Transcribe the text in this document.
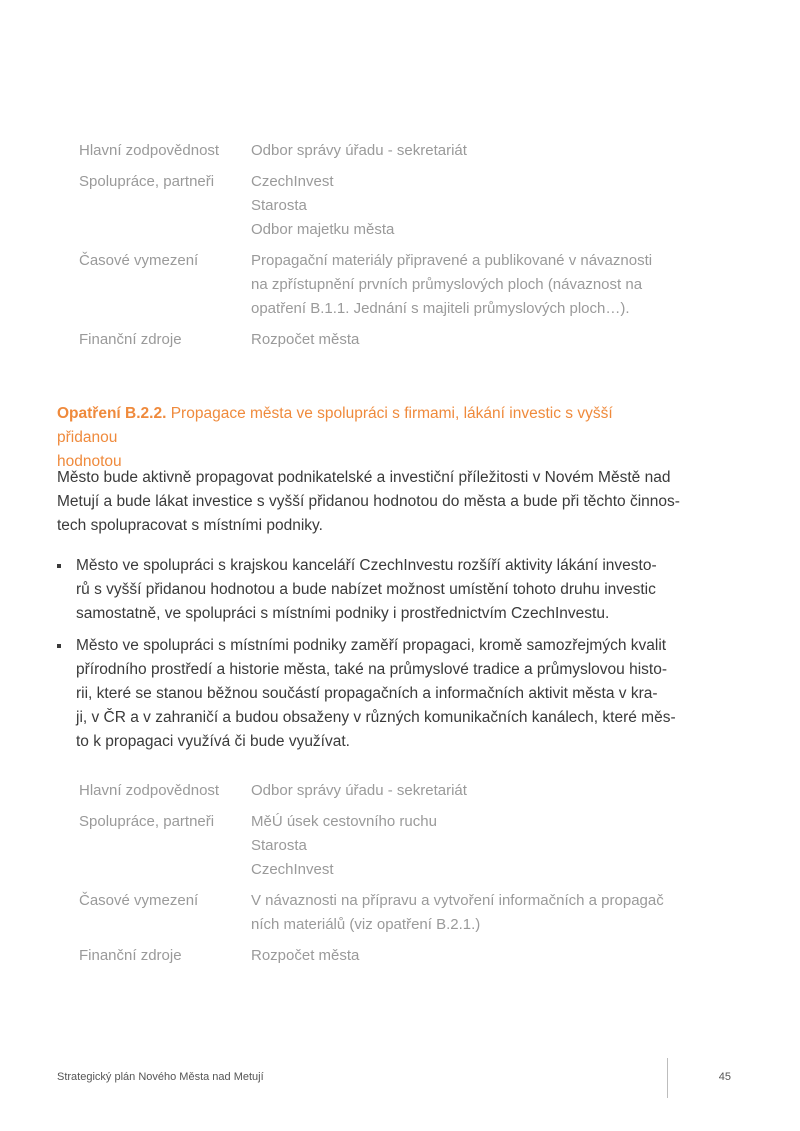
Hlavní zodpovědnost	Odbor správy úřadu - sekretariát
Spolupráce, partneři	CzechInvest
Starosta
Odbor majetku města
Časové vymezení	Propagační materiály připravené a publikované v návaznosti
na zpřístupnění prvních průmyslových ploch (návaznost na
opatření B.1.1. Jednání s majiteli průmyslových ploch…).
Finanční zdroje	Rozpočet města
Opatření B.2.2. Propagace města ve spolupráci s firmami, lákání investic s vyšší přidanou
hodnotou
Město bude aktivně propagovat podnikatelské a investiční příležitosti v Novém Městě nad
Metují a bude lákat investice s vyšší přidanou hodnotou do města a bude při těchto činnos-
tech spolupracovat s místními podniky.
Město ve spolupráci s krajskou kanceláří CzechInvestu rozšíří aktivity lákání investo-
rů s vyšší přidanou hodnotou a bude nabízet možnost umístění tohoto druhu investic
samostatně, ve spolupráci s místními podniky i prostřednictvím CzechInvestu.
Město ve spolupráci s místními podniky zaměří propagaci, kromě samozřejmých kvalit
přírodního prostředí a historie města, také na průmyslové tradice a průmyslovou histo-
rii, které se stanou běžnou součástí propagačních a informačních aktivit města v kra-
ji, v ČR a v zahraničí a budou obsaženy v různých komunikačních kanálech, které měs-
to k propagaci využívá či bude využívat.
Hlavní zodpovědnost	Odbor správy úřadu - sekretariát
Spolupráce, partneři	MěÚ úsek cestovního ruchu
Starosta
CzechInvest
Časové vymezení	V návaznosti na přípravu a vytvoření informačních a propagač
ních materiálů (viz opatření B.2.1.)
Finanční zdroje	Rozpočet města
Strategický plán Nového Města nad Metují	45
